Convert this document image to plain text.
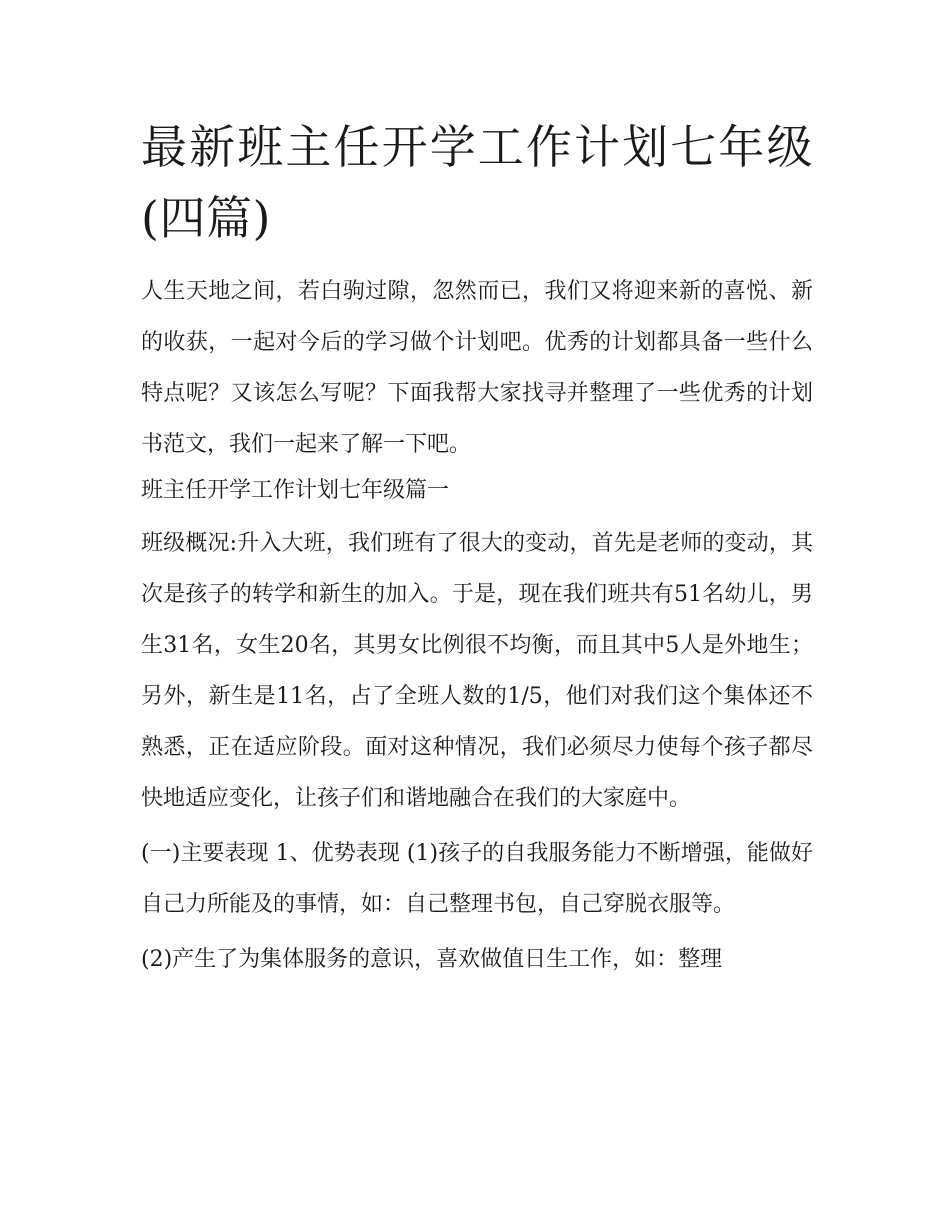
最新班主任开学工作计划七年级(四篇)

人生天地之间，若白驹过隙，忽然而已，我们又将迎来新的喜悦、新的收获，一起对今后的学习做个计划吧。优秀的计划都具备一些什么特点呢？又该怎么写呢？下面我帮大家找寻并整理了一些优秀的计划书范文，我们一起来了解一下吧。

班主任开学工作计划七年级篇一

班级概况:升入大班，我们班有了很大的变动，首先是老师的变动，其次是孩子的转学和新生的加入。于是，现在我们班共有51名幼儿，男生31名，女生20名，其男女比例很不均衡，而且其中5人是外地生；另外，新生是11名，占了全班人数的1/5，他们对我们这个集体还不熟悉，正在适应阶段。面对这种情况，我们必须尽力使每个孩子都尽快地适应变化，让孩子们和谐地融合在我们的大家庭中。

(一)主要表现 1、优势表现 (1)孩子的自我服务能力不断增强，能做好自己力所能及的事情，如：自己整理书包，自己穿脱衣服等。

(2)产生了为集体服务的意识，喜欢做值日生工作，如：整理
